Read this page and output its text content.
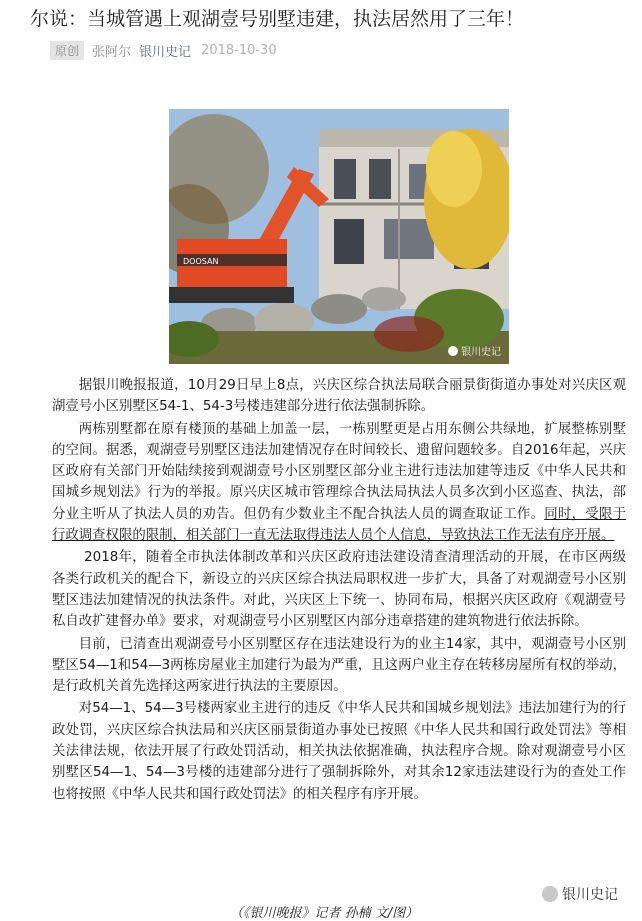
尔说：当城管遇上观湖壹号别墅违建，执法居然用了三年！
原创	张阿尔 银川史记 2018-10-30
DOOSAN
银川史记

据银川晚报报道，10月29日早上8点，兴庆区综合执法局联合丽景街街道办事处对兴庆区观湖壹号小区别墅区54-1、54-3号楼违建部分进行依法强制拆除。

两栋别墅都在原有楼顶的基础上加盖一层，一栋别墅更是占用东侧公共绿地，扩展整栋别墅的空间。据悉，观湖壹号别墅区违法加建情况存在时间较长、遗留问题较多。自2016年起，兴庆区政府有关部门开始陆续接到观湖壹号小区别墅区部分业主进行违法加建等违反《中华人民共和国城乡规划法》行为的举报。原兴庆区城市管理综合执法局执法人员多次到小区巡查、执法，部分业主听从了执法人员的劝告。但仍有少数业主不配合执法人员的调查取证工作。同时，受限于行政调查权限的限制，相关部门一直无法取得违法人员个人信息，导致执法工作无法有序开展。

2018年，随着全市执法体制改革和兴庆区政府违法建设清查清理活动的开展，在市区两级各类行政机关的配合下，新设立的兴庆区综合执法局职权进一步扩大，具备了对观湖壹号小区别墅区违法加建情况的执法条件。对此，兴庆区上下统一、协同布局，根据兴庆区政府《观湖壹号私自改扩建督办单》要求，对观湖壹号小区别墅区内部分违章搭建的建筑物进行依法拆除。

目前，已清查出观湖壹号小区别墅区存在违法建设行为的业主14家，其中，观湖壹号小区别墅区54—1和54—3两栋房屋业主加建行为最为严重，且这两户业主存在转移房屋所有权的举动，是行政机关首先选择这两家进行执法的主要原因。

对54—1、54—3号楼两家业主进行的违反《中华人民共和国城乡规划法》违法加建行为的行政处罚，兴庆区综合执法局和兴庆区丽景街道办事处已按照《中华人民共和国行政处罚法》等相关法律法规，依法开展了行政处罚活动，相关执法依据准确，执法程序合规。除对观湖壹号小区别墅区54—1、54—3号楼的违建部分进行了强制拆除外，对其余12家违法建设行为的查处工作也将按照《中华人民共和国行政处罚法》的相关程序有序开展。

银川史记
（《银川晚报》记者 孙楠 文/图）
